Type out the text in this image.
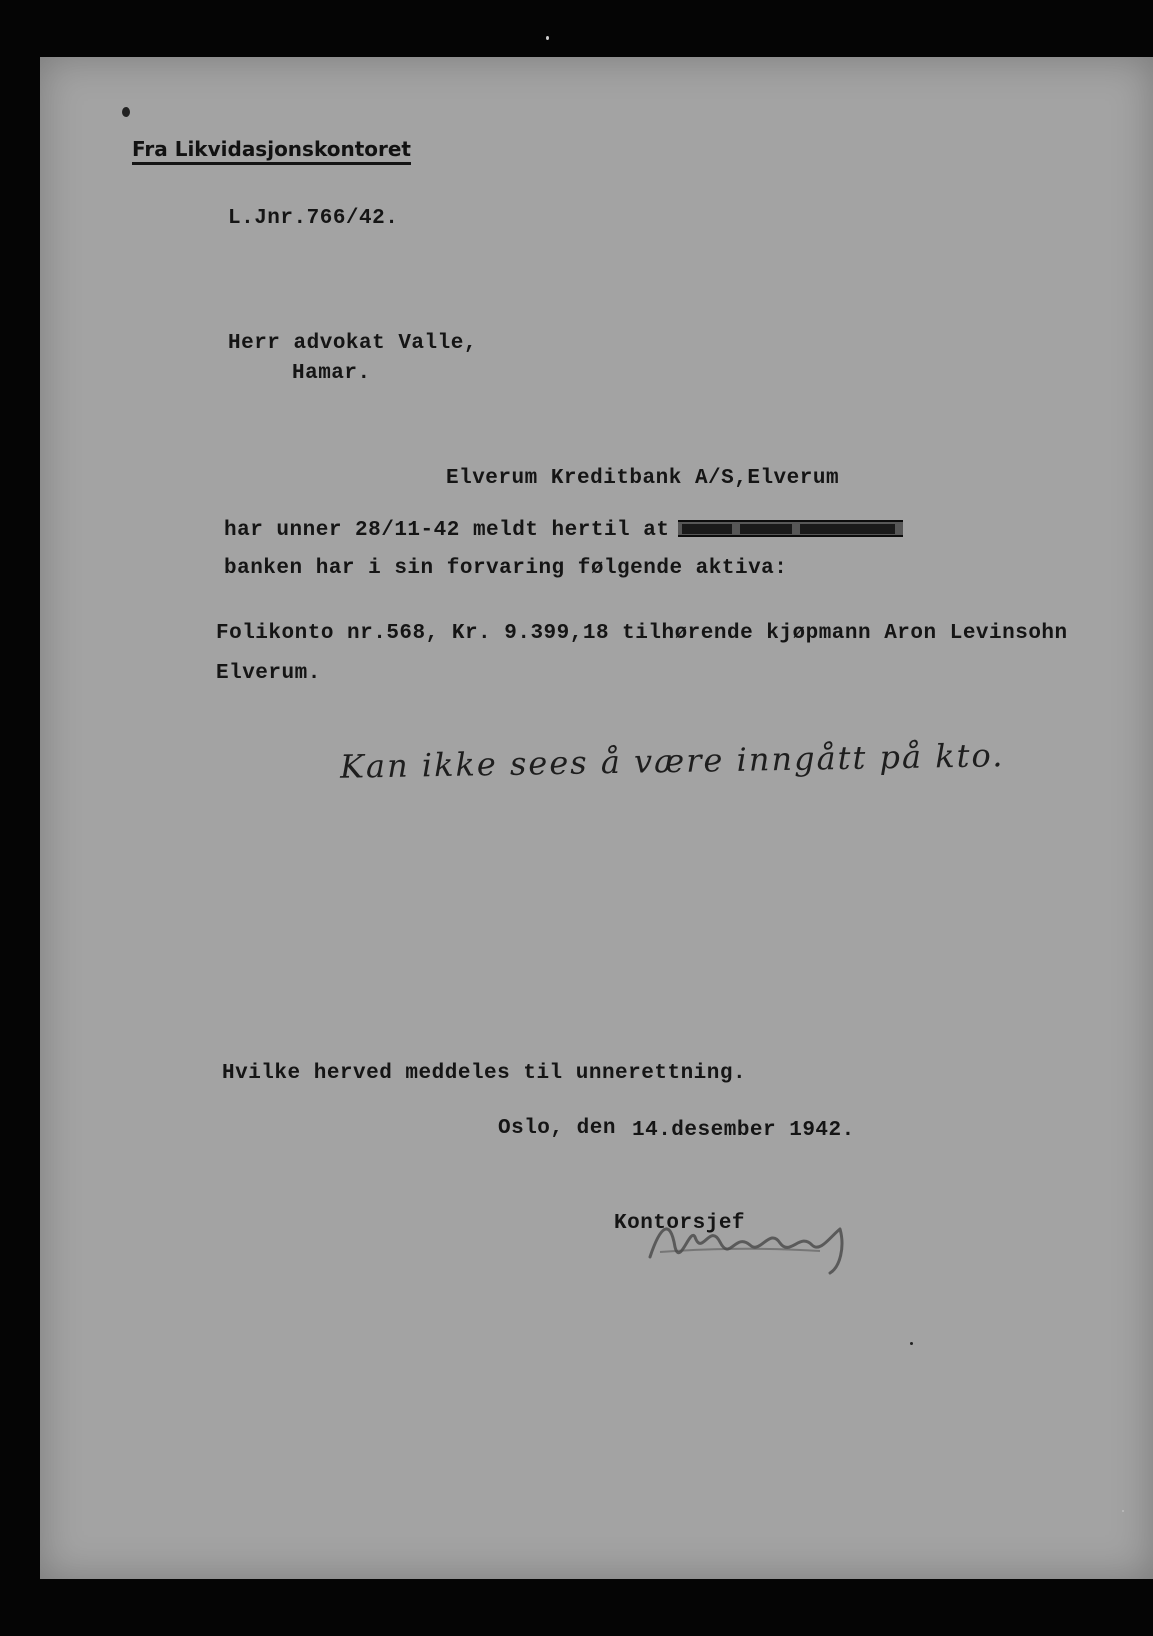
Fra Likvidasjonskontoret
L.Jnr.766/42.
Herr advokat Valle,
Hamar.
Elverum Kreditbank A/S,Elverum
har unner 28/11-42 meldt hertil at
banken har i sin forvaring følgende aktiva:
Folikonto nr.568, Kr. 9.399,18 tilhørende kjøpmann Aron Levinsohn
Elverum.
Kan ikke sees å være inngått på kto.
Hvilke herved meddeles til unnerettning.
Oslo, den 14.desember 1942.
Kontorsjef
